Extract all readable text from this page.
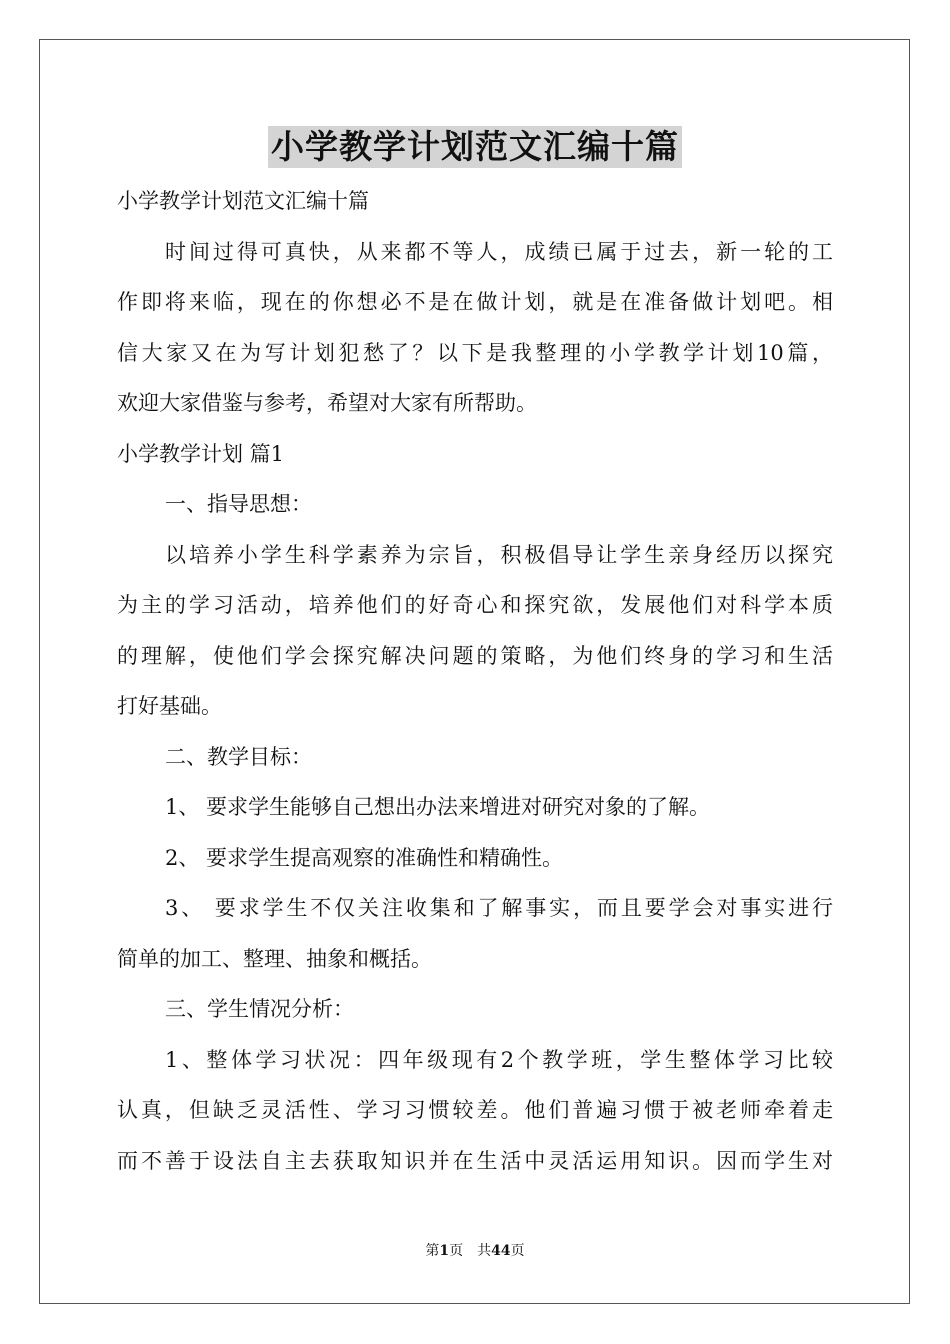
小学教学计划范文汇编十篇

小学教学计划范文汇编十篇

时间过得可真快，从来都不等人，成绩已属于过去，新一轮的工

作即将来临，现在的你想必不是在做计划，就是在准备做计划吧。相

信大家又在为写计划犯愁了？以下是我整理的小学教学计划10篇，

欢迎大家借鉴与参考，希望对大家有所帮助。

小学教学计划 篇1

一、指导思想：

以培养小学生科学素养为宗旨，积极倡导让学生亲身经历以探究

为主的学习活动，培养他们的好奇心和探究欲，发展他们对科学本质

的理解，使他们学会探究解决问题的策略，为他们终身的学习和生活

打好基础。

二、教学目标：

1、 要求学生能够自己想出办法来增进对研究对象的了解。

2、 要求学生提高观察的准确性和精确性。

3、 要求学生不仅关注收集和了解事实，而且要学会对事实进行

简单的加工、整理、抽象和概括。

三、学生情况分析：

1、整体学习状况：四年级现有2个教学班，学生整体学习比较

认真，但缺乏灵活性、学习习惯较差。他们普遍习惯于被老师牵着走

而不善于设法自主去获取知识并在生活中灵活运用知识。因而学生对

第1页　共44页
